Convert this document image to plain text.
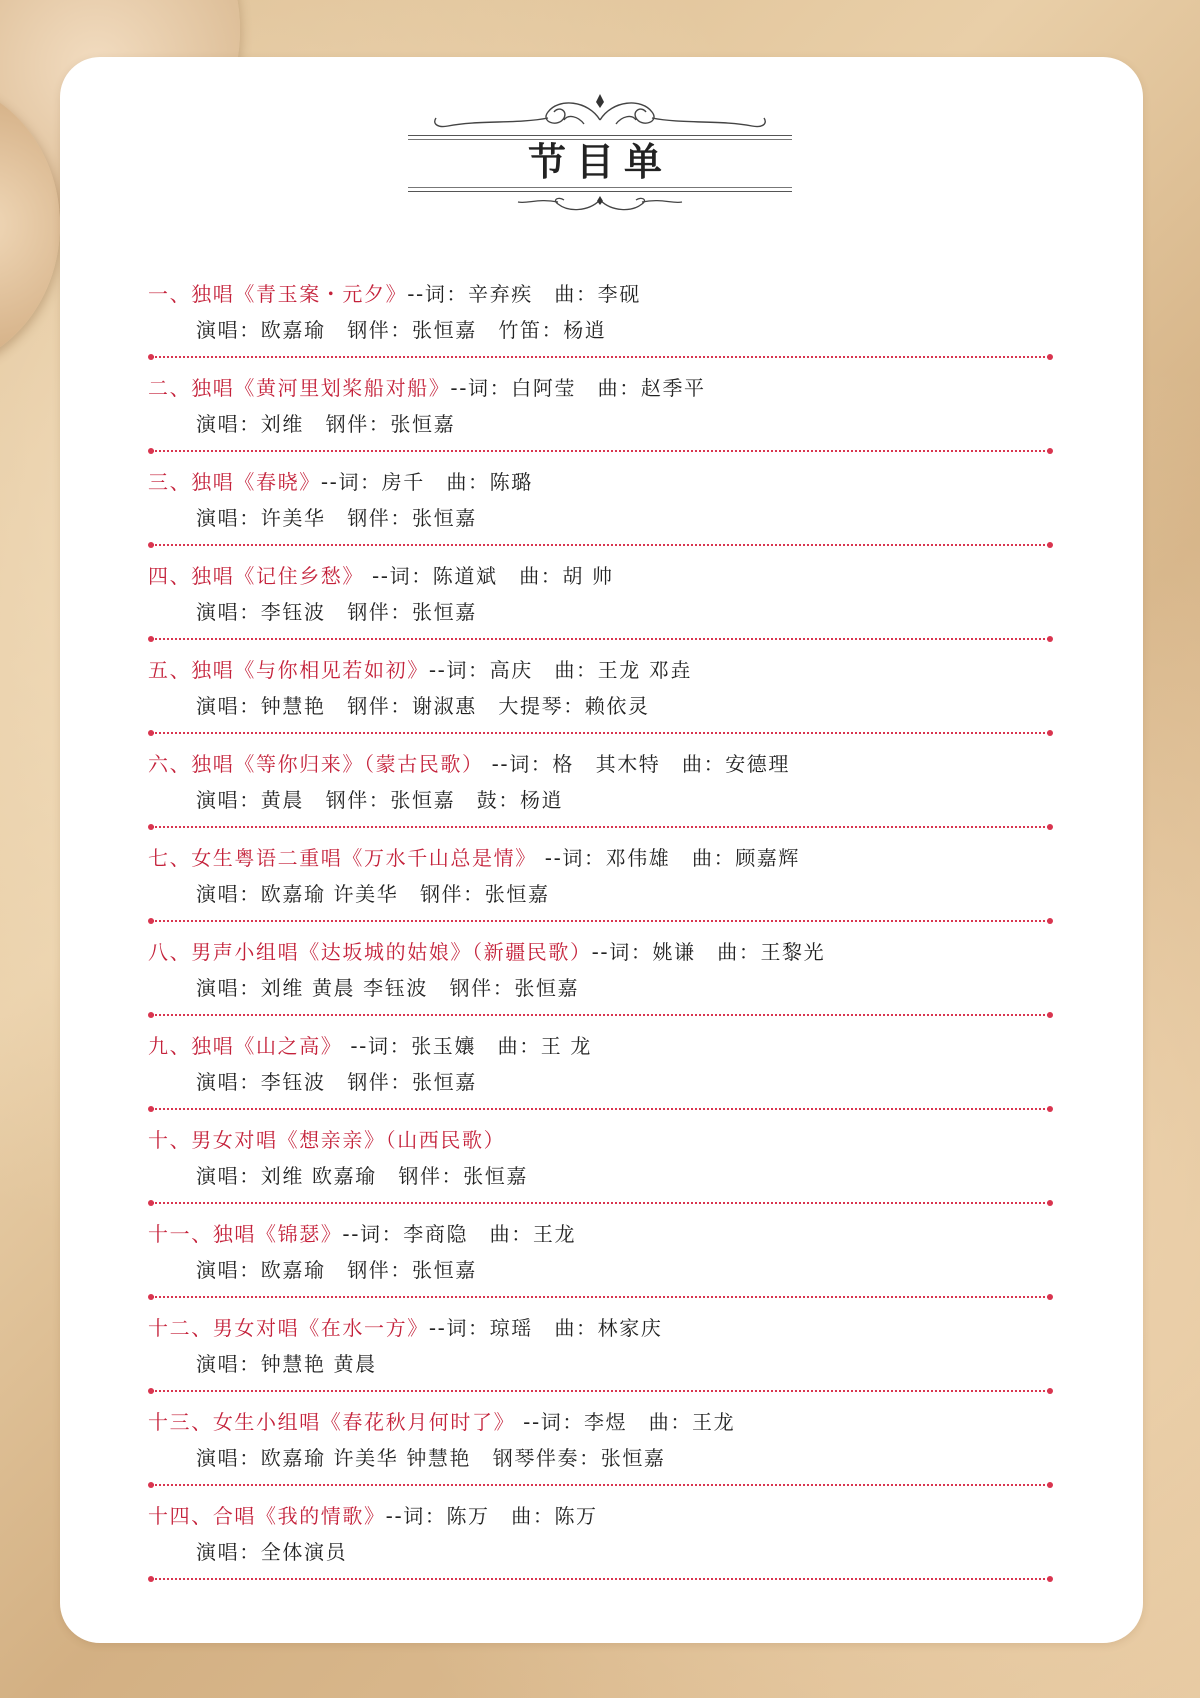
节目单
一、独唱《青玉案・元夕》--词：辛弃疾　曲：李砚
演唱：欧嘉瑜　钢伴：张恒嘉　竹笛：杨逍
二、独唱《黄河里划桨船对船》--词：白阿莹　曲：赵季平
演唱：刘维　钢伴：张恒嘉
三、独唱《春晓》--词：房千　曲：陈璐
演唱：许美华　钢伴：张恒嘉
四、独唱《记住乡愁》 --词：陈道斌　曲：胡 帅
演唱：李钰波　钢伴：张恒嘉
五、独唱《与你相见若如初》--词：高庆　曲：王龙 邓垚
演唱：钟慧艳　钢伴：谢淑惠　大提琴：赖依灵
六、独唱《等你归来》（蒙古民歌） --词：格　其木特　曲：安德理
演唱：黄晨　钢伴：张恒嘉　鼓：杨逍
七、女生粤语二重唱《万水千山总是情》 --词：邓伟雄　曲：顾嘉辉
演唱：欧嘉瑜 许美华　钢伴：张恒嘉
八、男声小组唱《达坂城的姑娘》（新疆民歌）--词：姚谦　曲：王黎光
演唱：刘维 黄晨 李钰波　钢伴：张恒嘉
九、独唱《山之高》 --词：张玉孃　曲：王 龙
演唱：李钰波　钢伴：张恒嘉
十、男女对唱《想亲亲》（山西民歌）
演唱：刘维 欧嘉瑜　钢伴：张恒嘉
十一、独唱《锦瑟》--词：李商隐　曲：王龙
演唱：欧嘉瑜　钢伴：张恒嘉
十二、男女对唱《在水一方》--词：琼瑶　曲：林家庆
演唱：钟慧艳 黄晨
十三、女生小组唱《春花秋月何时了》 --词：李煜　曲：王龙
演唱：欧嘉瑜 许美华 钟慧艳　钢琴伴奏：张恒嘉
十四、合唱《我的情歌》--词：陈万　曲：陈万
演唱：全体演员
